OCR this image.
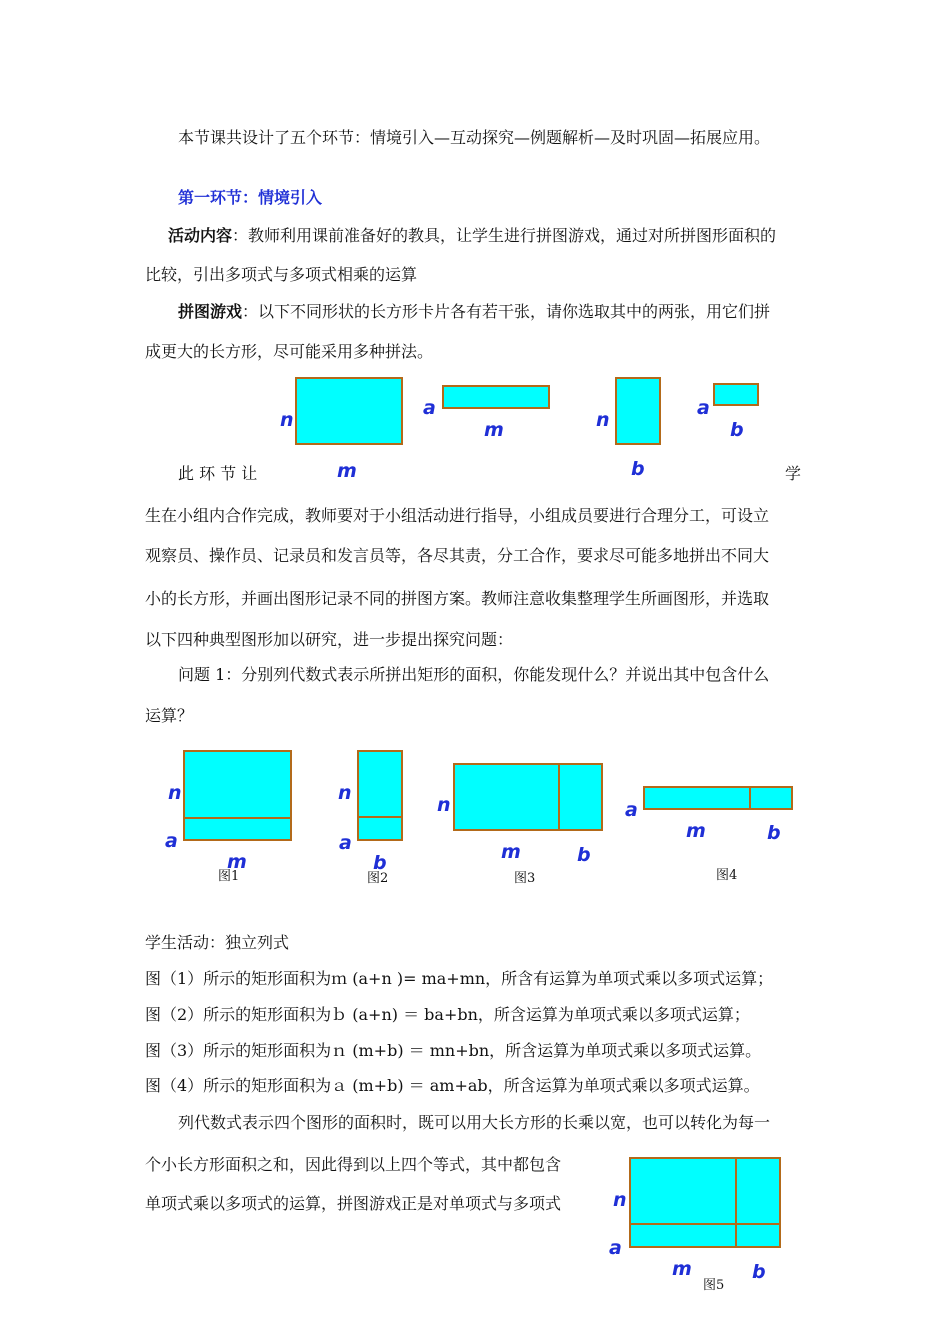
本节课共设计了五个环节：情境引入—互动探究—例题解析—及时巩固—拓展应用。
第一环节：情境引入
活动内容：教师利用课前准备好的教具，让学生进行拼图游戏，通过对所拼图形面积的
比较，引出多项式与多项式相乘的运算
拼图游戏：以下不同形状的长方形卡片各有若干张，请你选取其中的两张，用它们拼
成更大的长方形，尽可能采用多种拼法。
n
m
a
m	n
b
a
b
此 环 节 让	学
生在小组内合作完成，教师要对于小组活动进行指导，小组成员要进行合理分工，可设立
观察员、操作员、记录员和发言员等，各尽其责，分工合作，要求尽可能多地拼出不同大
小的长方形，并画出图形记录不同的拼图方案。教师注意收集整理学生所画图形，并选取
以下四种典型图形加以研究，进一步提出探究问题：
问题 1：分别列代数式表示所拼出矩形的面积，你能发现什么？并说出其中包含什么
运算？
n
a
m
图1
n
a
b
图2
n
m	b
图3
a
m	b
图4
学生活动：独立列式
图（1）所示的矩形面积为ｍ (a+n )= ma+mn，所含有运算为单项式乘以多项式运算；
图（2）所示的矩形面积为ｂ (a+n) ＝ ba+bn，所含运算为单项式乘以多项式运算；
图（3）所示的矩形面积为ｎ (m+b) ＝ mn+bn，所含运算为单项式乘以多项式运算。
图（4）所示的矩形面积为ａ (m+b) ＝ am+ab，所含运算为单项式乘以多项式运算。
列代数式表示四个图形的面积时，既可以用大长方形的长乘以宽，也可以转化为每一
个小长方形面积之和，因此得到以上四个等式，其中都包含
单项式乘以多项式的运算，拼图游戏正是对单项式与多项式	n
a
m	b
图5
